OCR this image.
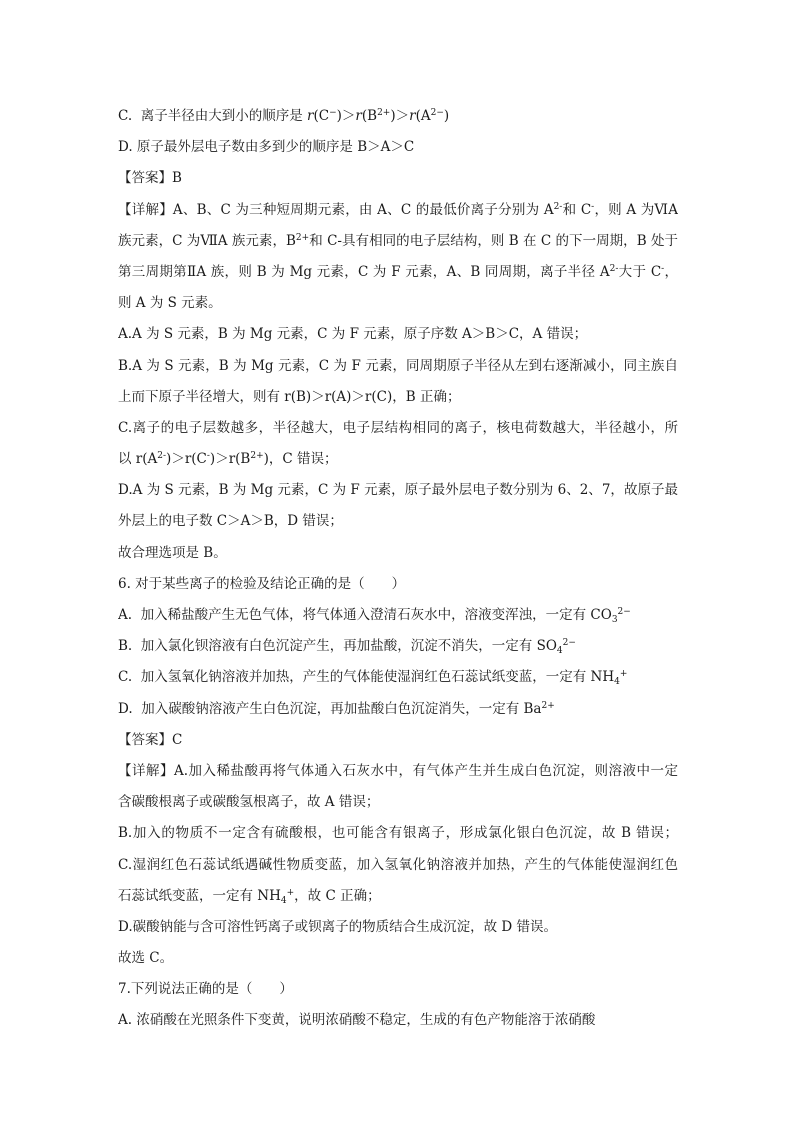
C.  离子半径由大到小的顺序是 $r(C^-)>r(B^{2+})>r(A^{2-})$
D. 原子最外层电子数由多到少的顺序是 B＞A＞C
【答案】B
【详解】A、B、C 为三种短周期元素，由 A、C 的最低价离子分别为 $A^{2-}$和 C-，则 A 为ⅥA
族元素，C 为ⅦA 族元素，$B^{2+}$和 C-具有相同的电子层结构，则 B 在 C 的下一周期，B 处于
第三周期第ⅡA 族，则 B 为 Mg 元素，C 为 F 元素，A、B 同周期，离子半径 $A^{2-}$大于 C-，
则 A 为 S 元素。
A.A 为 S 元素，B 为 Mg 元素，C 为 F 元素，原子序数 A＞B＞C，A 错误；
B.A 为 S 元素，B 为 Mg 元素，C 为 F 元素，同周期原子半径从左到右逐渐减小，同主族自
上而下原子半径增大，则有 r(B)＞r(A)＞r(C)，B 正确；
C.离子的电子层数越多，半径越大，电子层结构相同的离子，核电荷数越大，半径越小，所
以 $r(A^{2-})>r(C^-)>r(B^{2+})$，C 错误；
D.A 为 S 元素，B 为 Mg 元素，C 为 F 元素，原子最外层电子数分别为 6、2、7，故原子最
外层上的电子数 C＞A＞B，D 错误；
故合理选项是 B。
6. 对于某些离子的检验及结论正确的是（　　）
A.  加入稀盐酸产生无色气体，将气体通入澄清石灰水中，溶液变浑浊，一定有 $CO_3^{2-}$
B.  加入氯化钡溶液有白色沉淀产生，再加盐酸，沉淀不消失，一定有 $SO_4^{2-}$
C.  加入氢氧化钠溶液并加热，产生的气体能使湿润红色石蕊试纸变蓝，一定有 $NH_4^+$
D.  加入碳酸钠溶液产生白色沉淀，再加盐酸白色沉淀消失，一定有 $Ba^{2+}$
【答案】C
【详解】A.加入稀盐酸再将气体通入石灰水中，有气体产生并生成白色沉淀，则溶液中一定
含碳酸根离子或碳酸氢根离子，故 A 错误；
B.加入的物质不一定含有硫酸根，也可能含有银离子，形成氯化银白色沉淀，故 B 错误；
C.湿润红色石蕊试纸遇碱性物质变蓝，加入氢氧化钠溶液并加热，产生的气体能使湿润红色
石蕊试纸变蓝，一定有 $NH_4^+$，故 C 正确；
D.碳酸钠能与含可溶性钙离子或钡离子的物质结合生成沉淀，故 D 错误。
故选 C。
7.下列说法正确的是（　　）
A. 浓硝酸在光照条件下变黄，说明浓硝酸不稳定，生成的有色产物能溶于浓硝酸
